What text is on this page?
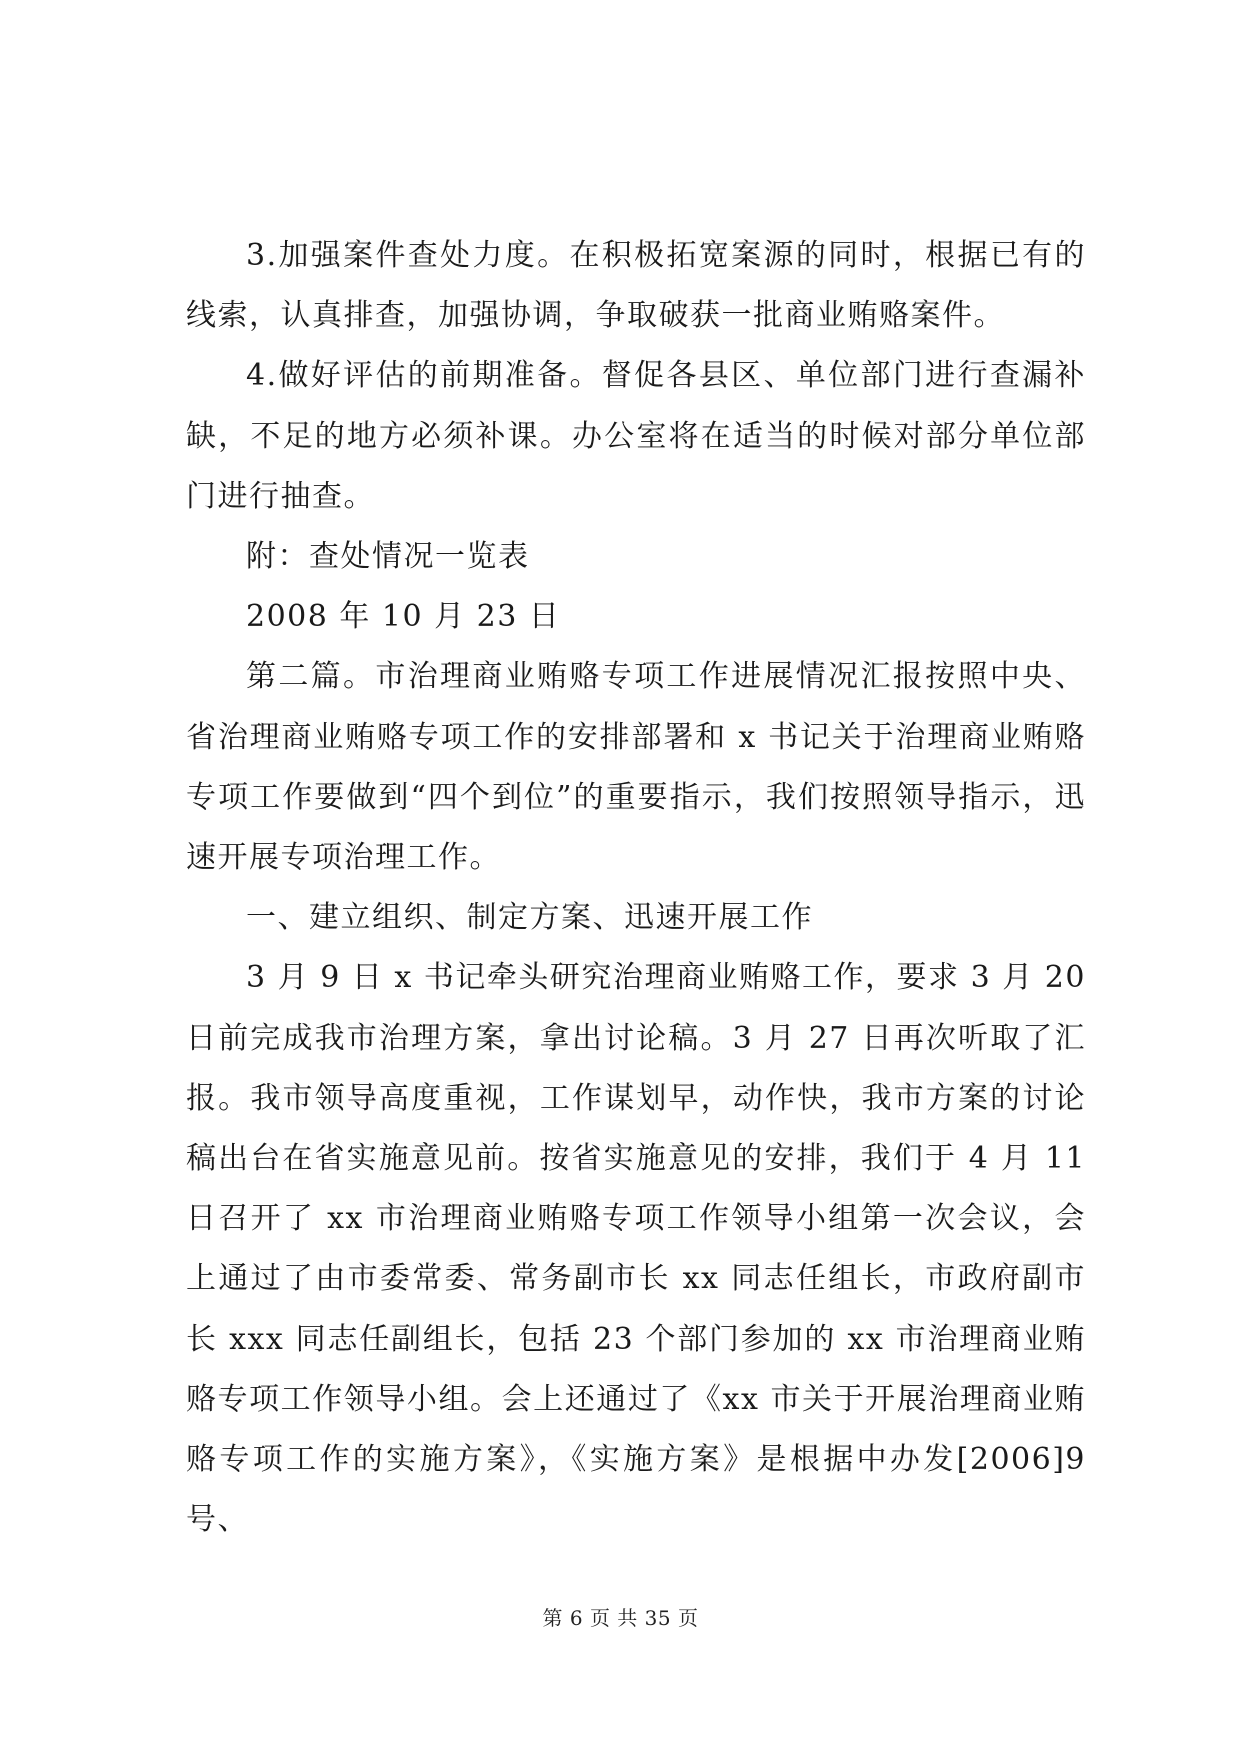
3.加强案件查处力度。在积极拓宽案源的同时，根据已有的线索，认真排查，加强协调，争取破获一批商业贿赂案件。

4.做好评估的前期准备。督促各县区、单位部门进行查漏补缺，不足的地方必须补课。办公室将在适当的时候对部分单位部门进行抽查。

附：查处情况一览表

2008 年 10 月 23 日

第二篇。市治理商业贿赂专项工作进展情况汇报按照中央、省治理商业贿赂专项工作的安排部署和 x 书记关于治理商业贿赂专项工作要做到“四个到位”的重要指示，我们按照领导指示，迅速开展专项治理工作。

一、建立组织、制定方案、迅速开展工作

3 月 9 日 x 书记牵头研究治理商业贿赂工作，要求 3 月 20 日前完成我市治理方案，拿出讨论稿。3 月 27 日再次听取了汇报。我市领导高度重视，工作谋划早，动作快，我市方案的讨论稿出台在省实施意见前。按省实施意见的安排，我们于 4 月 11 日召开了 xx 市治理商业贿赂专项工作领导小组第一次会议，会上通过了由市委常委、常务副市长 xx 同志任组长，市政府副市长 xxx 同志任副组长，包括 23 个部门参加的 xx 市治理商业贿赂专项工作领导小组。会上还通过了《xx 市关于开展治理商业贿赂专项工作的实施方案》，《实施方案》是根据中办发[2006]9 号、

第 6 页 共 35 页
